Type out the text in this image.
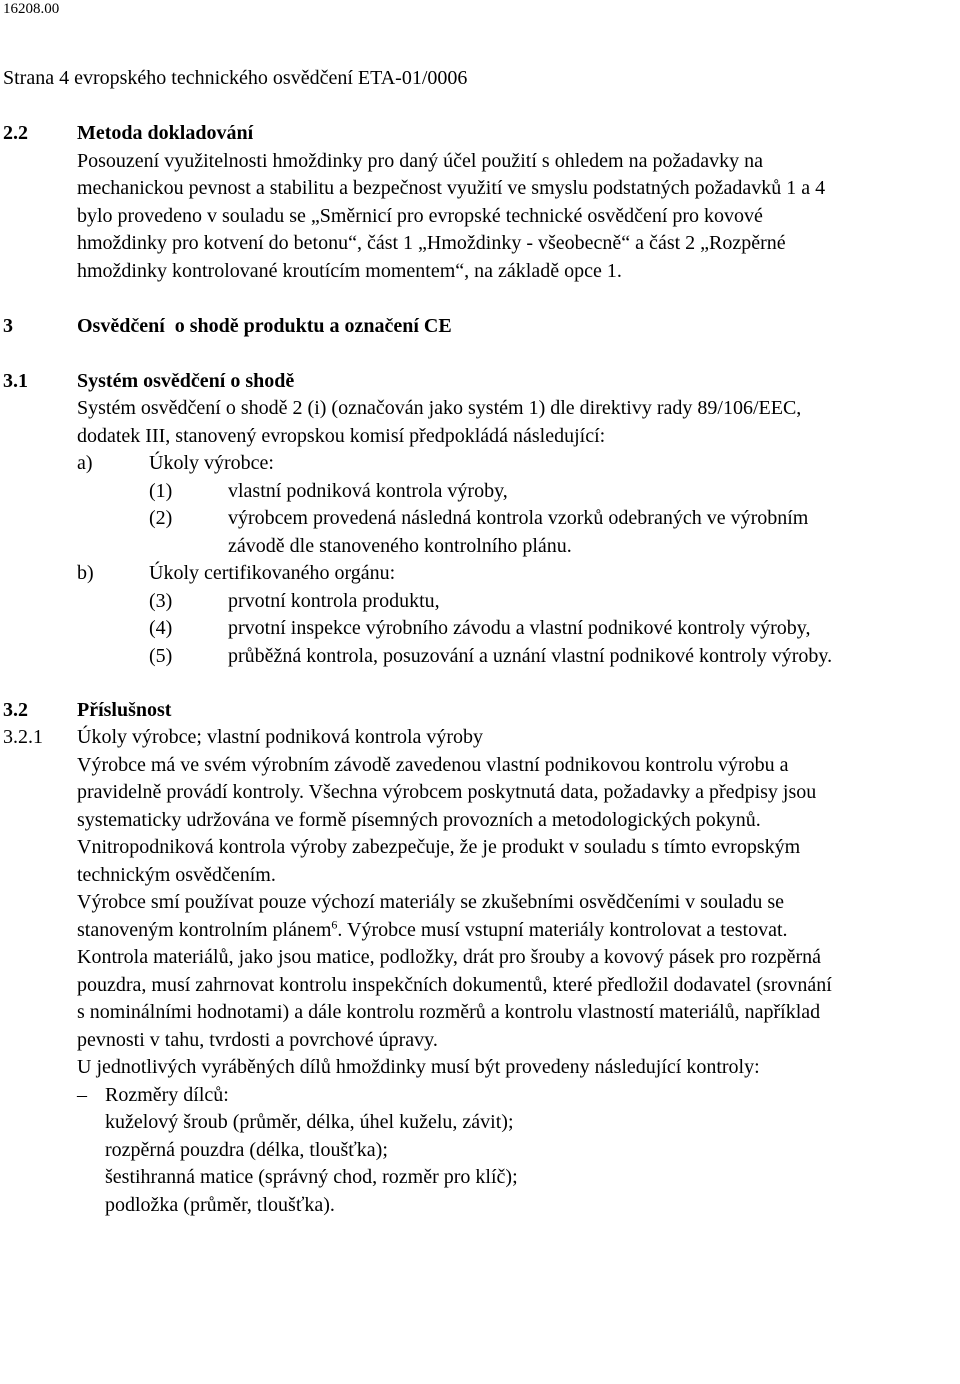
16208.00
Strana 4 evropského technického osvědčení ETA-01/0006
2.2 Metoda dokladování
Posouzení využitelnosti hmoždinky pro daný účel použití s ohledem na požadavky na
mechanickou pevnost a stabilitu a bezpečnost využití ve smyslu podstatných požadavků 1 a 4
bylo provedeno v souladu se „Směrnicí pro evropské technické osvědčení pro kovové
hmoždinky pro kotvení do betonu“, část 1 „Hmoždinky - všeobecně“ a část 2 „Rozpěrné
hmoždinky kontrolované kroutícím momentem“, na základě opce 1.
3	Osvědčení  o shodě produktu a označení CE
3.1 Systém osvědčení o shodě
Systém osvědčení o shodě 2 (i) (označován jako systém 1) dle direktivy rady 89/106/EEC,
dodatek III, stanovený evropskou komisí předpokládá následující:
a)	Úkoly výrobce:
(1)	vlastní podniková kontrola výroby,
(2)	výrobcem provedená následná kontrola vzorků odebraných ve výrobním
závodě dle stanoveného kontrolního plánu.
b)	Úkoly certifikovaného orgánu:
(3)	prvotní kontrola produktu,
(4)	prvotní inspekce výrobního závodu a vlastní podnikové kontroly výroby,
(5)	průběžná kontrola, posuzování a uznání vlastní podnikové kontroly výroby.
3.2 Příslušnost
3.2.1 Úkoly výrobce; vlastní podniková kontrola výroby
Výrobce má ve svém výrobním závodě zavedenou vlastní podnikovou kontrolu výrobu a
pravidelně provádí kontroly. Všechna výrobcem poskytnutá data, požadavky a předpisy jsou
systematicky udržována ve formě písemných provozních a metodologických pokynů.
Vnitropodniková kontrola výroby zabezpečuje, že je produkt v souladu s tímto evropským
technickým osvědčením.
Výrobce smí používat pouze výchozí materiály se zkušebními osvědčeními v souladu se
stanoveným kontrolním plánem$^6$. Výrobce musí vstupní materiály kontrolovat a testovat.
Kontrola materiálů, jako jsou matice, podložky, drát pro šrouby a kovový pásek pro rozpěrná
pouzdra, musí zahrnovat kontrolu inspekčních dokumentů, které předložil dodavatel (srovnání
s nominálními hodnotami) a dále kontrolu rozměrů a kontrolu vlastností materiálů, například
pevnosti v tahu, tvrdosti a povrchové úpravy.
U jednotlivých vyráběných dílů hmoždinky musí být provedeny následující kontroly:
– Rozměry dílců:
kuželový šroub (průměr, délka, úhel kuželu, závit);
rozpěrná pouzdra (délka, tloušťka);
šestihranná matice (správný chod, rozměr pro klíč);
podložka (průměr, tloušťka).
